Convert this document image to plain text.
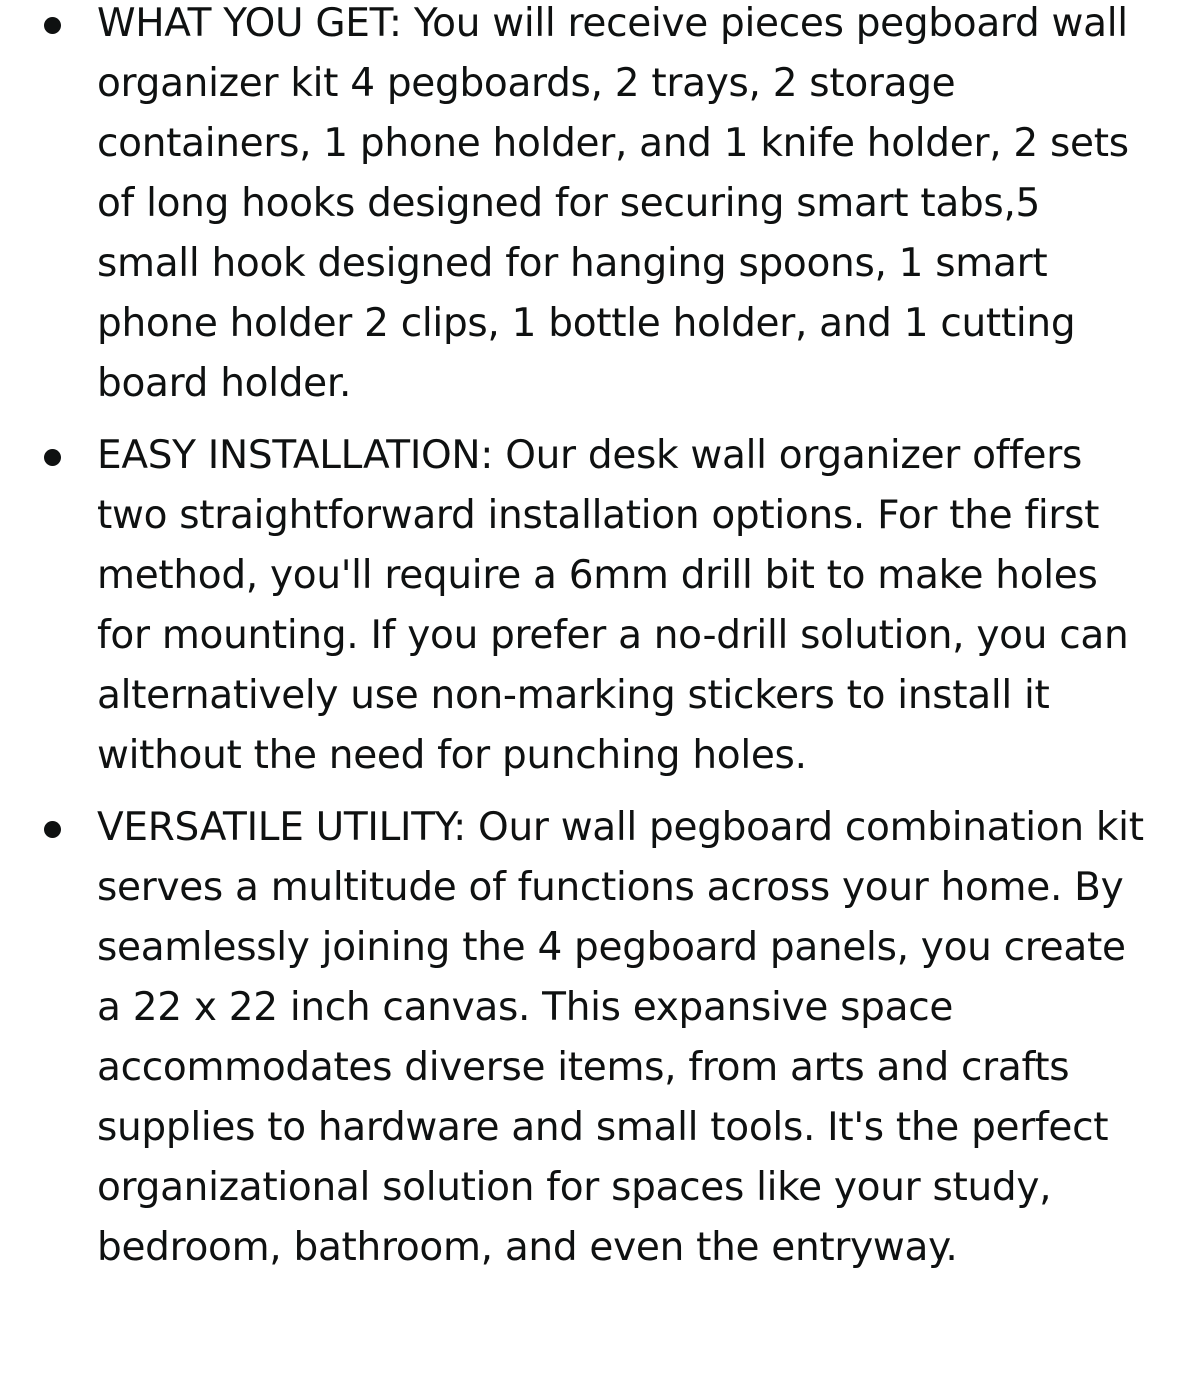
WHAT YOU GET: You will receive pieces pegboard wall organizer kit 4 pegboards, 2 trays, 2 storage containers, 1 phone holder, and 1 knife holder, 2 sets of long hooks designed for securing smart tabs,5 small hook designed for hanging spoons, 1 smart phone holder 2 clips, 1 bottle holder, and 1 cutting board holder.
EASY INSTALLATION: Our desk wall organizer offers two straightforward installation options. For the first method, you'll require a 6mm drill bit to make holes for mounting. If you prefer a no-drill solution, you can alternatively use non-marking stickers to install it without the need for punching holes.
VERSATILE UTILITY: Our wall pegboard combination kit serves a multitude of functions across your home. By seamlessly joining the 4 pegboard panels, you create a 22 x 22 inch canvas. This expansive space accommodates diverse items, from arts and crafts supplies to hardware and small tools. It's the perfect organizational solution for spaces like your study, bedroom, bathroom, and even the entryway.
